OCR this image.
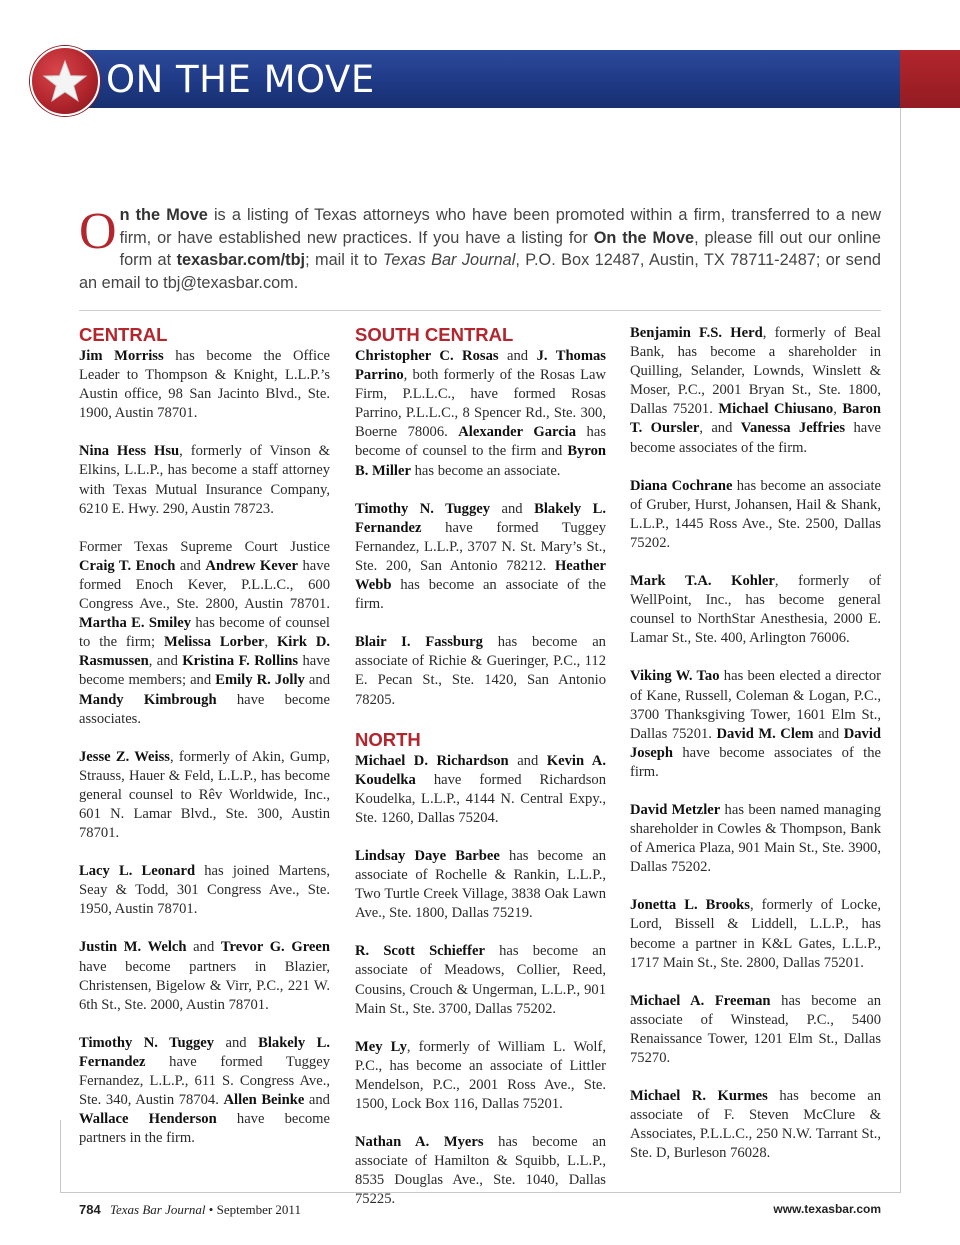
ON THE MOVE
O n the Move is a listing of Texas attorneys who have been promoted within a firm, transferred to a new firm, or have established new practices. If you have a listing for On the Move, please fill out our online form at texasbar.com/tbj; mail it to Texas Bar Journal, P.O. Box 12487, Austin, TX 78711-2487; or send an email to tbj@texasbar.com.
CENTRAL
Jim Morriss has become the Office Leader to Thompson & Knight, L.L.P.’s Austin office, 98 San Jacinto Blvd., Ste. 1900, Austin 78701.
Nina Hess Hsu, formerly of Vinson & Elkins, L.L.P., has become a staff attorney with Texas Mutual Insurance Company, 6210 E. Hwy. 290, Austin 78723.
Former Texas Supreme Court Justice Craig T. Enoch and Andrew Kever have formed Enoch Kever, P.L.L.C., 600 Congress Ave., Ste. 2800, Austin 78701. Martha E. Smiley has become of counsel to the firm; Melissa Lorber, Kirk D. Rasmussen, and Kristina F. Rollins have become members; and Emily R. Jolly and Mandy Kimbrough have become associates.
Jesse Z. Weiss, formerly of Akin, Gump, Strauss, Hauer & Feld, L.L.P., has become general counsel to Rêv Worldwide, Inc., 601 N. Lamar Blvd., Ste. 300, Austin 78701.
Lacy L. Leonard has joined Martens, Seay & Todd, 301 Congress Ave., Ste. 1950, Austin 78701.
Justin M. Welch and Trevor G. Green have become partners in Blazier, Christensen, Bigelow & Virr, P.C., 221 W. 6th St., Ste. 2000, Austin 78701.
Timothy N. Tuggey and Blakely L. Fernandez have formed Tuggey Fernandez, L.L.P., 611 S. Congress Ave., Ste. 340, Austin 78704. Allen Beinke and Wallace Henderson have become partners in the firm.
SOUTH CENTRAL
Christopher C. Rosas and J. Thomas Parrino, both formerly of the Rosas Law Firm, P.L.L.C., have formed Rosas Parrino, P.L.L.C., 8 Spencer Rd., Ste. 300, Boerne 78006. Alexander Garcia has become of counsel to the firm and Byron B. Miller has become an associate.
Timothy N. Tuggey and Blakely L. Fernandez have formed Tuggey Fernandez, L.L.P., 3707 N. St. Mary’s St., Ste. 200, San Antonio 78212. Heather Webb has become an associate of the firm.
Blair I. Fassburg has become an associate of Richie & Gueringer, P.C., 112 E. Pecan St., Ste. 1420, San Antonio 78205.
NORTH
Michael D. Richardson and Kevin A. Koudelka have formed Richardson Koudelka, L.L.P., 4144 N. Central Expy., Ste. 1260, Dallas 75204.
Lindsay Daye Barbee has become an associate of Rochelle & Rankin, L.L.P., Two Turtle Creek Village, 3838 Oak Lawn Ave., Ste. 1800, Dallas 75219.
R. Scott Schieffer has become an associate of Meadows, Collier, Reed, Cousins, Crouch & Ungerman, L.L.P., 901 Main St., Ste. 3700, Dallas 75202.
Mey Ly, formerly of William L. Wolf, P.C., has become an associate of Littler Mendelson, P.C., 2001 Ross Ave., Ste. 1500, Lock Box 116, Dallas 75201.
Nathan A. Myers has become an associate of Hamilton & Squibb, L.L.P., 8535 Douglas Ave., Ste. 1040, Dallas 75225.
Benjamin F.S. Herd, formerly of Beal Bank, has become a shareholder in Quilling, Selander, Lownds, Winslett & Moser, P.C., 2001 Bryan St., Ste. 1800, Dallas 75201. Michael Chiusano, Baron T. Oursler, and Vanessa Jeffries have become associates of the firm.
Diana Cochrane has become an associate of Gruber, Hurst, Johansen, Hail & Shank, L.L.P., 1445 Ross Ave., Ste. 2500, Dallas 75202.
Mark T.A. Kohler, formerly of WellPoint, Inc., has become general counsel to NorthStar Anesthesia, 2000 E. Lamar St., Ste. 400, Arlington 76006.
Viking W. Tao has been elected a director of Kane, Russell, Coleman & Logan, P.C., 3700 Thanksgiving Tower, 1601 Elm St., Dallas 75201. David M. Clem and David Joseph have become associates of the firm.
David Metzler has been named managing shareholder in Cowles & Thompson, Bank of America Plaza, 901 Main St., Ste. 3900, Dallas 75202.
Jonetta L. Brooks, formerly of Locke, Lord, Bissell & Liddell, L.L.P., has become a partner in K&L Gates, L.L.P., 1717 Main St., Ste. 2800, Dallas 75201.
Michael A. Freeman has become an associate of Winstead, P.C., 5400 Renaissance Tower, 1201 Elm St., Dallas 75270.
Michael R. Kurmes has become an associate of F. Steven McClure & Associates, P.L.L.C., 250 N.W. Tarrant St., Ste. D, Burleson 76028.
784 Texas Bar Journal • September 2011	www.texasbar.com
